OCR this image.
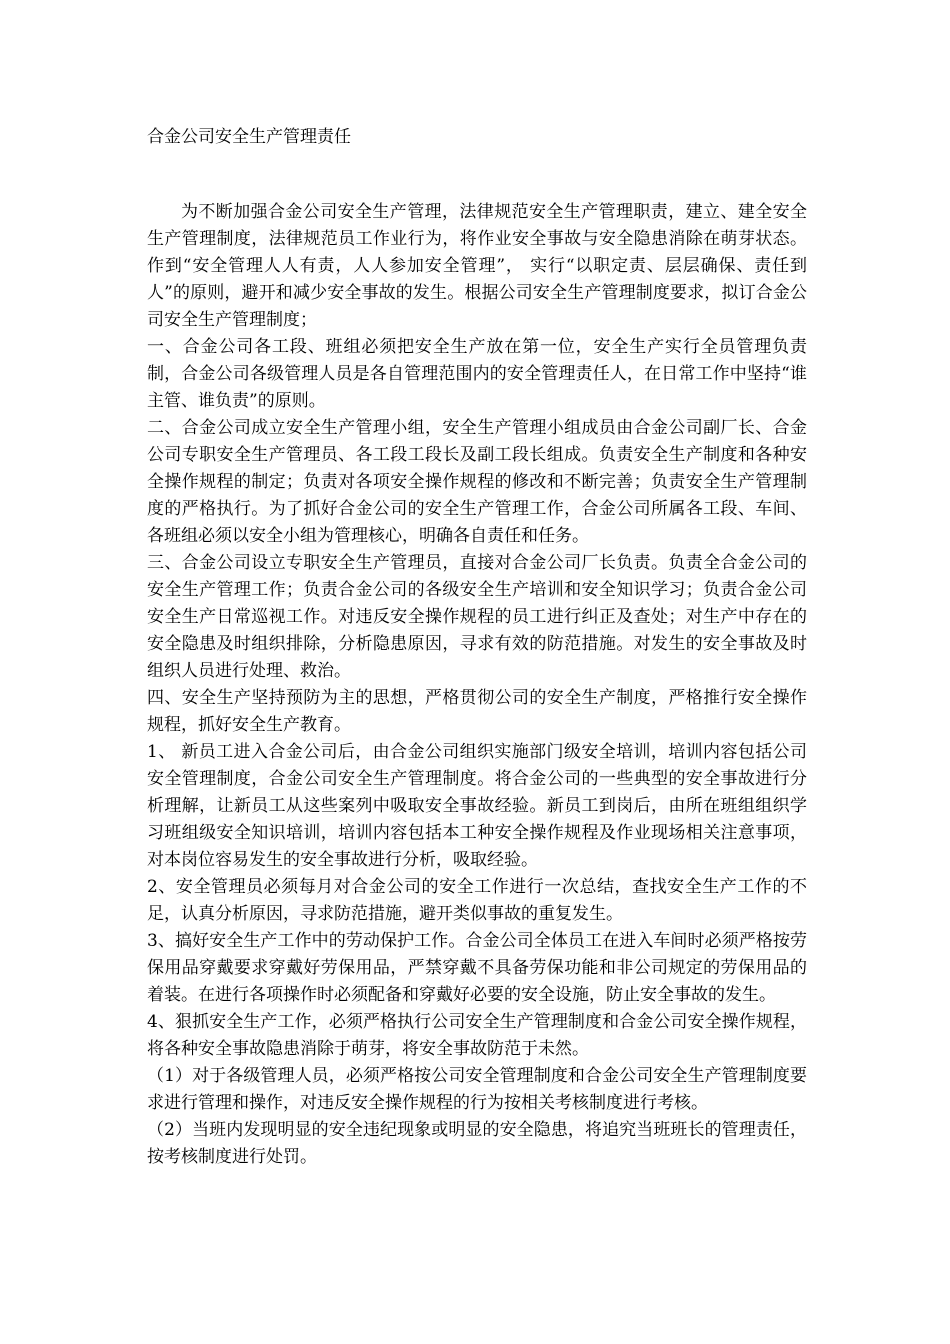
合金公司安全生产管理责任

为不断加强合金公司安全生产管理，法律规范安全生产管理职责，建立、建全安全生产管理制度，法律规范员工作业行为，将作业安全事故与安全隐患消除在萌芽状态。作到“安全管理人人有责，人人参加安全管理”， 实行“以职定责、层层确保、责任到人”的原则，避开和减少安全事故的发生。根据公司安全生产管理制度要求，拟订合金公司安全生产管理制度；

一、合金公司各工段、班组必须把安全生产放在第一位，安全生产实行全员管理负责制，合金公司各级管理人员是各自管理范围内的安全管理责任人，在日常工作中坚持“谁主管、谁负责”的原则。

二、合金公司成立安全生产管理小组，安全生产管理小组成员由合金公司副厂长、合金公司专职安全生产管理员、各工段工段长及副工段长组成。负责安全生产制度和各种安全操作规程的制定；负责对各项安全操作规程的修改和不断完善；负责安全生产管理制度的严格执行。为了抓好合金公司的安全生产管理工作，合金公司所属各工段、车间、各班组必须以安全小组为管理核心，明确各自责任和任务。

三、合金公司设立专职安全生产管理员，直接对合金公司厂长负责。负责全合金公司的安全生产管理工作；负责合金公司的各级安全生产培训和安全知识学习；负责合金公司安全生产日常巡视工作。对违反安全操作规程的员工进行纠正及查处；对生产中存在的安全隐患及时组织排除，分析隐患原因，寻求有效的防范措施。对发生的安全事故及时组织人员进行处理、救治。

四、安全生产坚持预防为主的思想，严格贯彻公司的安全生产制度，严格推行安全操作规程，抓好安全生产教育。

1、 新员工进入合金公司后，由合金公司组织实施部门级安全培训，培训内容包括公司安全管理制度，合金公司安全生产管理制度。将合金公司的一些典型的安全事故进行分析理解，让新员工从这些案列中吸取安全事故经验。新员工到岗后，由所在班组组织学习班组级安全知识培训，培训内容包括本工种安全操作规程及作业现场相关注意事项，对本岗位容易发生的安全事故进行分析，吸取经验。

2、安全管理员必须每月对合金公司的安全工作进行一次总结，查找安全生产工作的不足，认真分析原因，寻求防范措施，避开类似事故的重复发生。

3、搞好安全生产工作中的劳动保护工作。合金公司全体员工在进入车间时必须严格按劳保用品穿戴要求穿戴好劳保用品，严禁穿戴不具备劳保功能和非公司规定的劳保用品的着装。在进行各项操作时必须配备和穿戴好必要的安全设施，防止安全事故的发生。

4、狠抓安全生产工作，必须严格执行公司安全生产管理制度和合金公司安全操作规程，将各种安全事故隐患消除于萌芽，将安全事故防范于未然。

（1）对于各级管理人员，必须严格按公司安全管理制度和合金公司安全生产管理制度要求进行管理和操作，对违反安全操作规程的行为按相关考核制度进行考核。

（2）当班内发现明显的安全违纪现象或明显的安全隐患，将追究当班班长的管理责任，按考核制度进行处罚。
